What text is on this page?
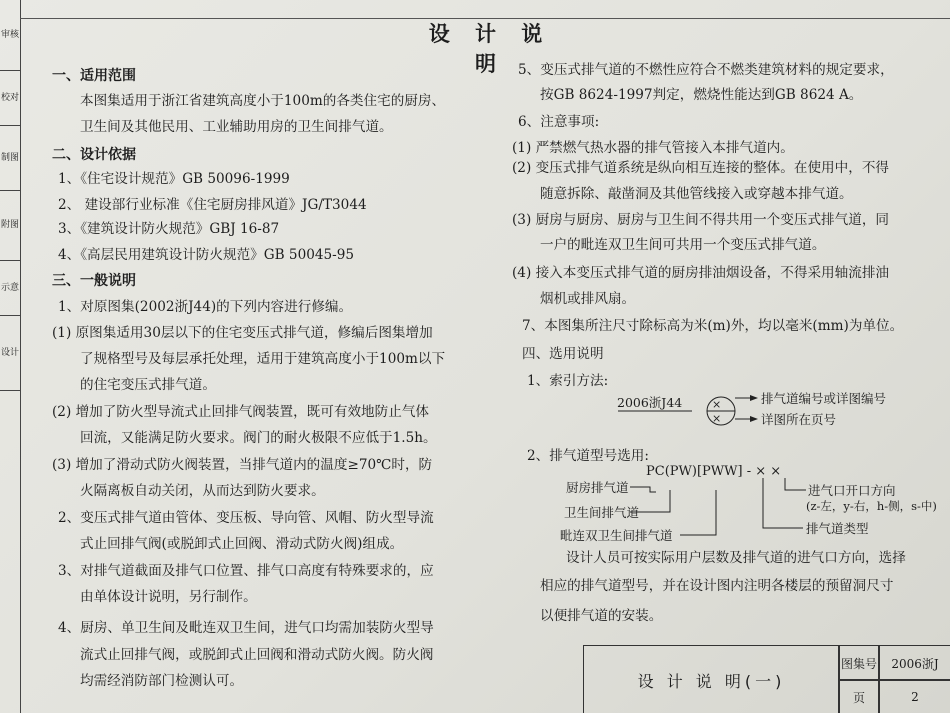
审核
校对
制图
附图
示意
设计
设 计 说 明
一、适用范围
本图集适用于浙江省建筑高度小于100m的各类住宅的厨房、
卫生间及其他民用、工业辅助用房的卫生间排气道。
二、设计依据
1、《住宅设计规范》GB 50096-1999
2、 建设部行业标准《住宅厨房排风道》JG/T3044
3、《建筑设计防火规范》GBJ 16-87
4、《高层民用建筑设计防火规范》GB 50045-95
三、一般说明
1、对原图集(2002浙J44)的下列内容进行修编。
(1) 原图集适用30层以下的住宅变压式排气道，修编后图集增加
了规格型号及每层承托处理，适用于建筑高度小于100m以下
的住宅变压式排气道。
(2) 增加了防火型导流式止回排气阀装置，既可有效地防止气体
回流，又能满足防火要求。阀门的耐火极限不应低于1.5h。
(3) 增加了滑动式防火阀装置，当排气道内的温度≥70℃时，防
火隔离板自动关闭，从而达到防火要求。
2、变压式排气道由管体、变压板、导向管、风帽、防火型导流
式止回排气阀(或脱卸式止回阀、滑动式防火阀)组成。
3、对排气道截面及排气口位置、排气口高度有特殊要求的，应
由单体设计说明，另行制作。
4、厨房、单卫生间及毗连双卫生间，进气口均需加装防火型导
流式止回排气阀，或脱卸式止回阀和滑动式防火阀。防火阀
均需经消防部门检测认可。
5、变压式排气道的不燃性应符合不燃类建筑材料的规定要求，
按GB 8624-1997判定，燃烧性能达到GB 8624 A。
6、注意事项:
(1) 严禁燃气热水器的排气管接入本排气道内。
(2) 变压式排气道系统是纵向相互连接的整体。在使用中，不得
随意拆除、敲凿洞及其他管线接入或穿越本排气道。
(3) 厨房与厨房、厨房与卫生间不得共用一个变压式排气道，同
一户的毗连双卫生间可共用一个变压式排气道。
(4) 接入本变压式排气道的厨房排油烟设备，不得采用轴流排油
烟机或排风扇。
7、本图集所注尺寸除标高为米(m)外，均以毫米(mm)为单位。
四、选用说明
1、索引方法:
2006浙J44	×
×
排气道编号或详图编号
详图所在页号
2、排气道型号选用:
PC(PW)[PWW] - × ×
厨房排气道
卫生间排气道
毗连双卫生间排气道
进气口开口方向
(z-左，y-右，h-侧，s-中)
排气道类型
设计人员可按实际用户层数及排气道的进气口方向，选择
相应的排气道型号，并在设计图内注明各楼层的预留洞尺寸
以便排气道的安装。
设 计 说 明(一)
图集号	2006浙J
页	2
